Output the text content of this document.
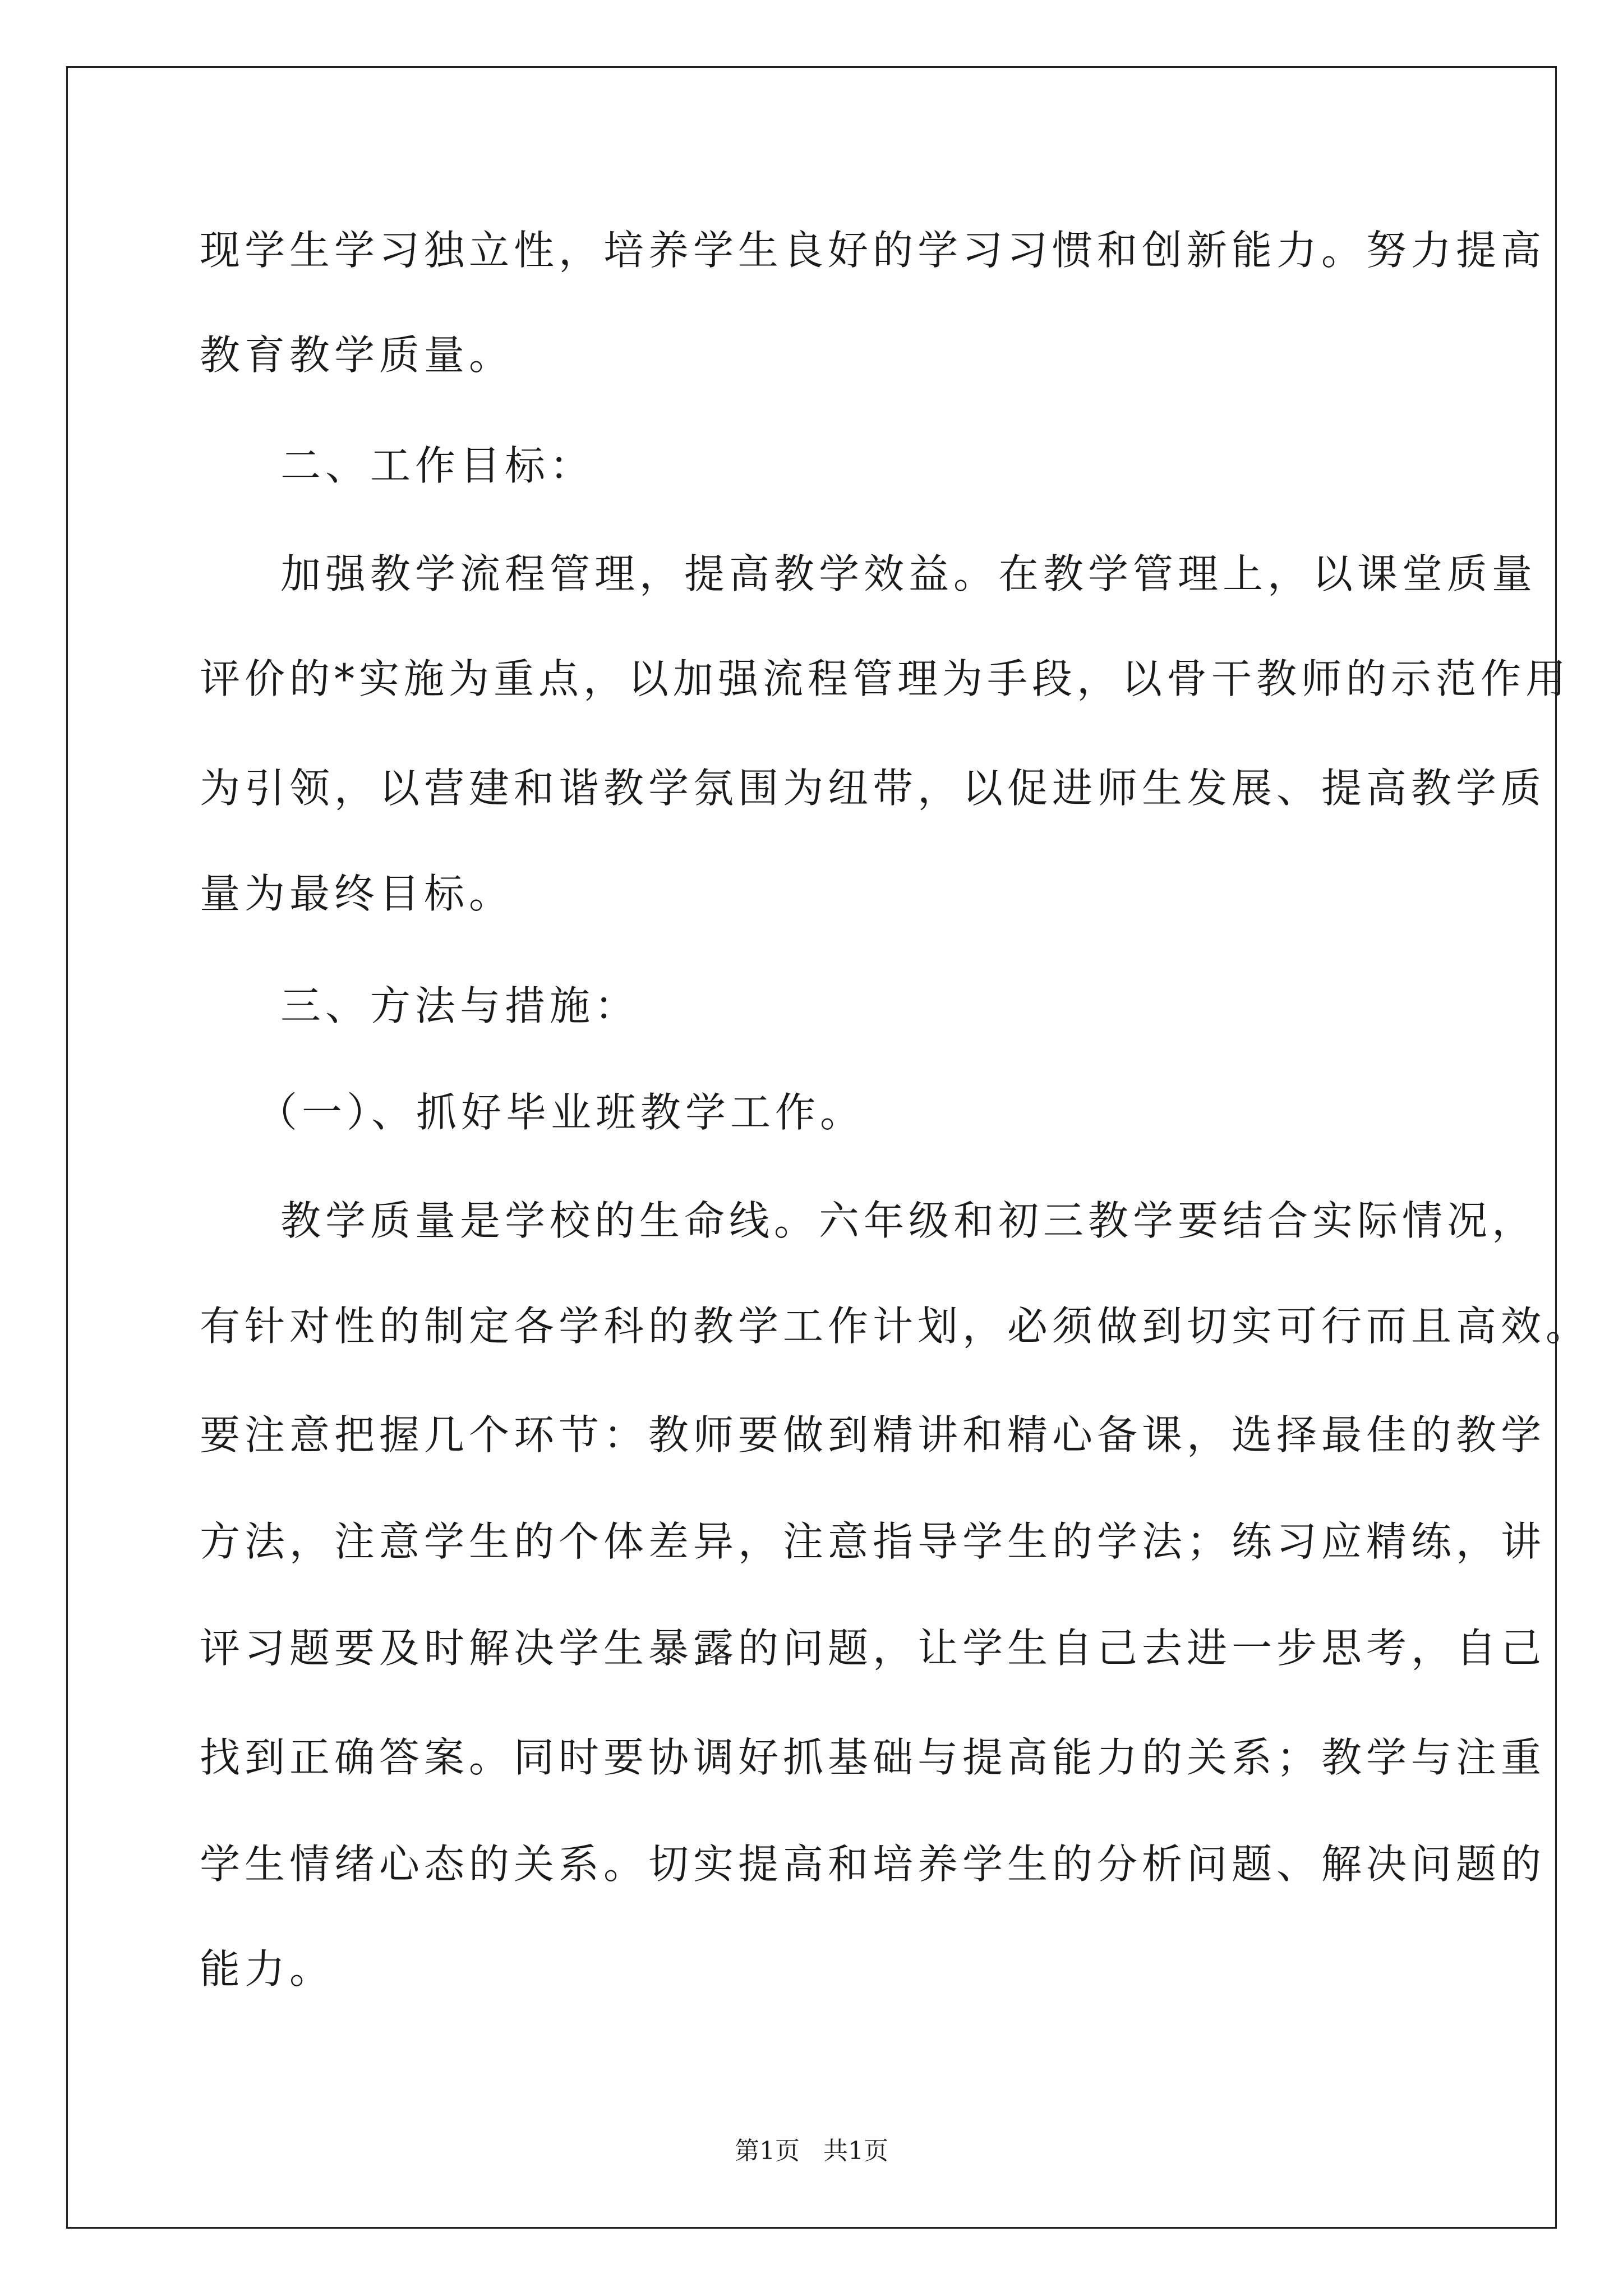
现学生学习独立性，培养学生良好的学习习惯和创新能力。努力提高
教育教学质量。
二、工作目标：
加强教学流程管理，提高教学效益。在教学管理上，以课堂质量
评价的*实施为重点，以加强流程管理为手段，以骨干教师的示范作用
为引领，以营建和谐教学氛围为纽带，以促进师生发展、提高教学质
量为最终目标。
三、方法与措施：
（一）、抓好毕业班教学工作。
教学质量是学校的生命线。六年级和初三教学要结合实际情况，
有针对性的制定各学科的教学工作计划，必须做到切实可行而且高效。
要注意把握几个环节：教师要做到精讲和精心备课，选择最佳的教学
方法，注意学生的个体差异，注意指导学生的学法；练习应精练，讲
评习题要及时解决学生暴露的问题，让学生自己去进一步思考，自己
找到正确答案。同时要协调好抓基础与提高能力的关系；教学与注重
学生情绪心态的关系。切实提高和培养学生的分析问题、解决问题的
能力。
第1页   共1页
